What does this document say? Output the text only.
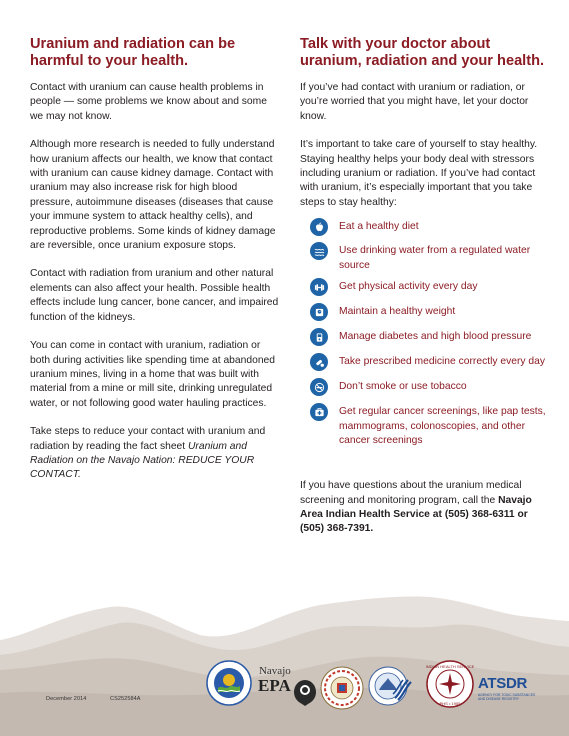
Uranium and radiation can be harmful to your health.

Contact with uranium can cause health problems in people — some problems we know about and some we may not know.

Although more research is needed to fully understand how uranium affects our health, we know that contact with uranium can cause kidney damage. Contact with uranium may also increase risk for high blood pressure, autoimmune diseases (diseases that cause your immune system to attack healthy cells), and reproductive problems. Some kinds of kidney damage are reversible, once uranium exposure stops.

Contact with radiation from uranium and other natural elements can also affect your health. Possible health effects include lung cancer, bone cancer, and impaired function of the kidneys.

You can come in contact with uranium, radiation or both during activities like spending time at abandoned uranium mines, living in a home that was built with material from a mine or mill site, drinking unregulated water, or not following good water hauling practices.

Take steps to reduce your contact with uranium and radiation by reading the fact sheet Uranium and Radiation on the Navajo Nation: REDUCE YOUR CONTACT.

Talk with your doctor about uranium, radiation and your health.

If you’ve had contact with uranium or radiation, or you’re worried that you might have, let your doctor know.

It’s important to take care of yourself to stay healthy. Staying healthy helps your body deal with stressors including uranium or radiation. If you’ve had contact with uranium, it’s especially important that you take steps to stay healthy:

Eat a healthy diet
Use drinking water from a regulated water source
Get physical activity every day
Maintain a healthy weight
Manage diabetes and high blood pressure
Take prescribed medicine correctly every day
Don’t smoke or use tobacco
Get regular cancer screenings, like pap tests, mammograms, colonoscopies, and other cancer screenings

If you have questions about the uranium medical screening and monitoring program, call the Navajo Area Indian Health Service at (505) 368-6311 or (505) 368-7391.

December 2014	CS252584A
Navajo
EPA
INDIAN HEALTH SERVICE
PHS • 1955
ATSDR
AGENCY FOR TOXIC SUBSTANCES AND DISEASE REGISTRY
